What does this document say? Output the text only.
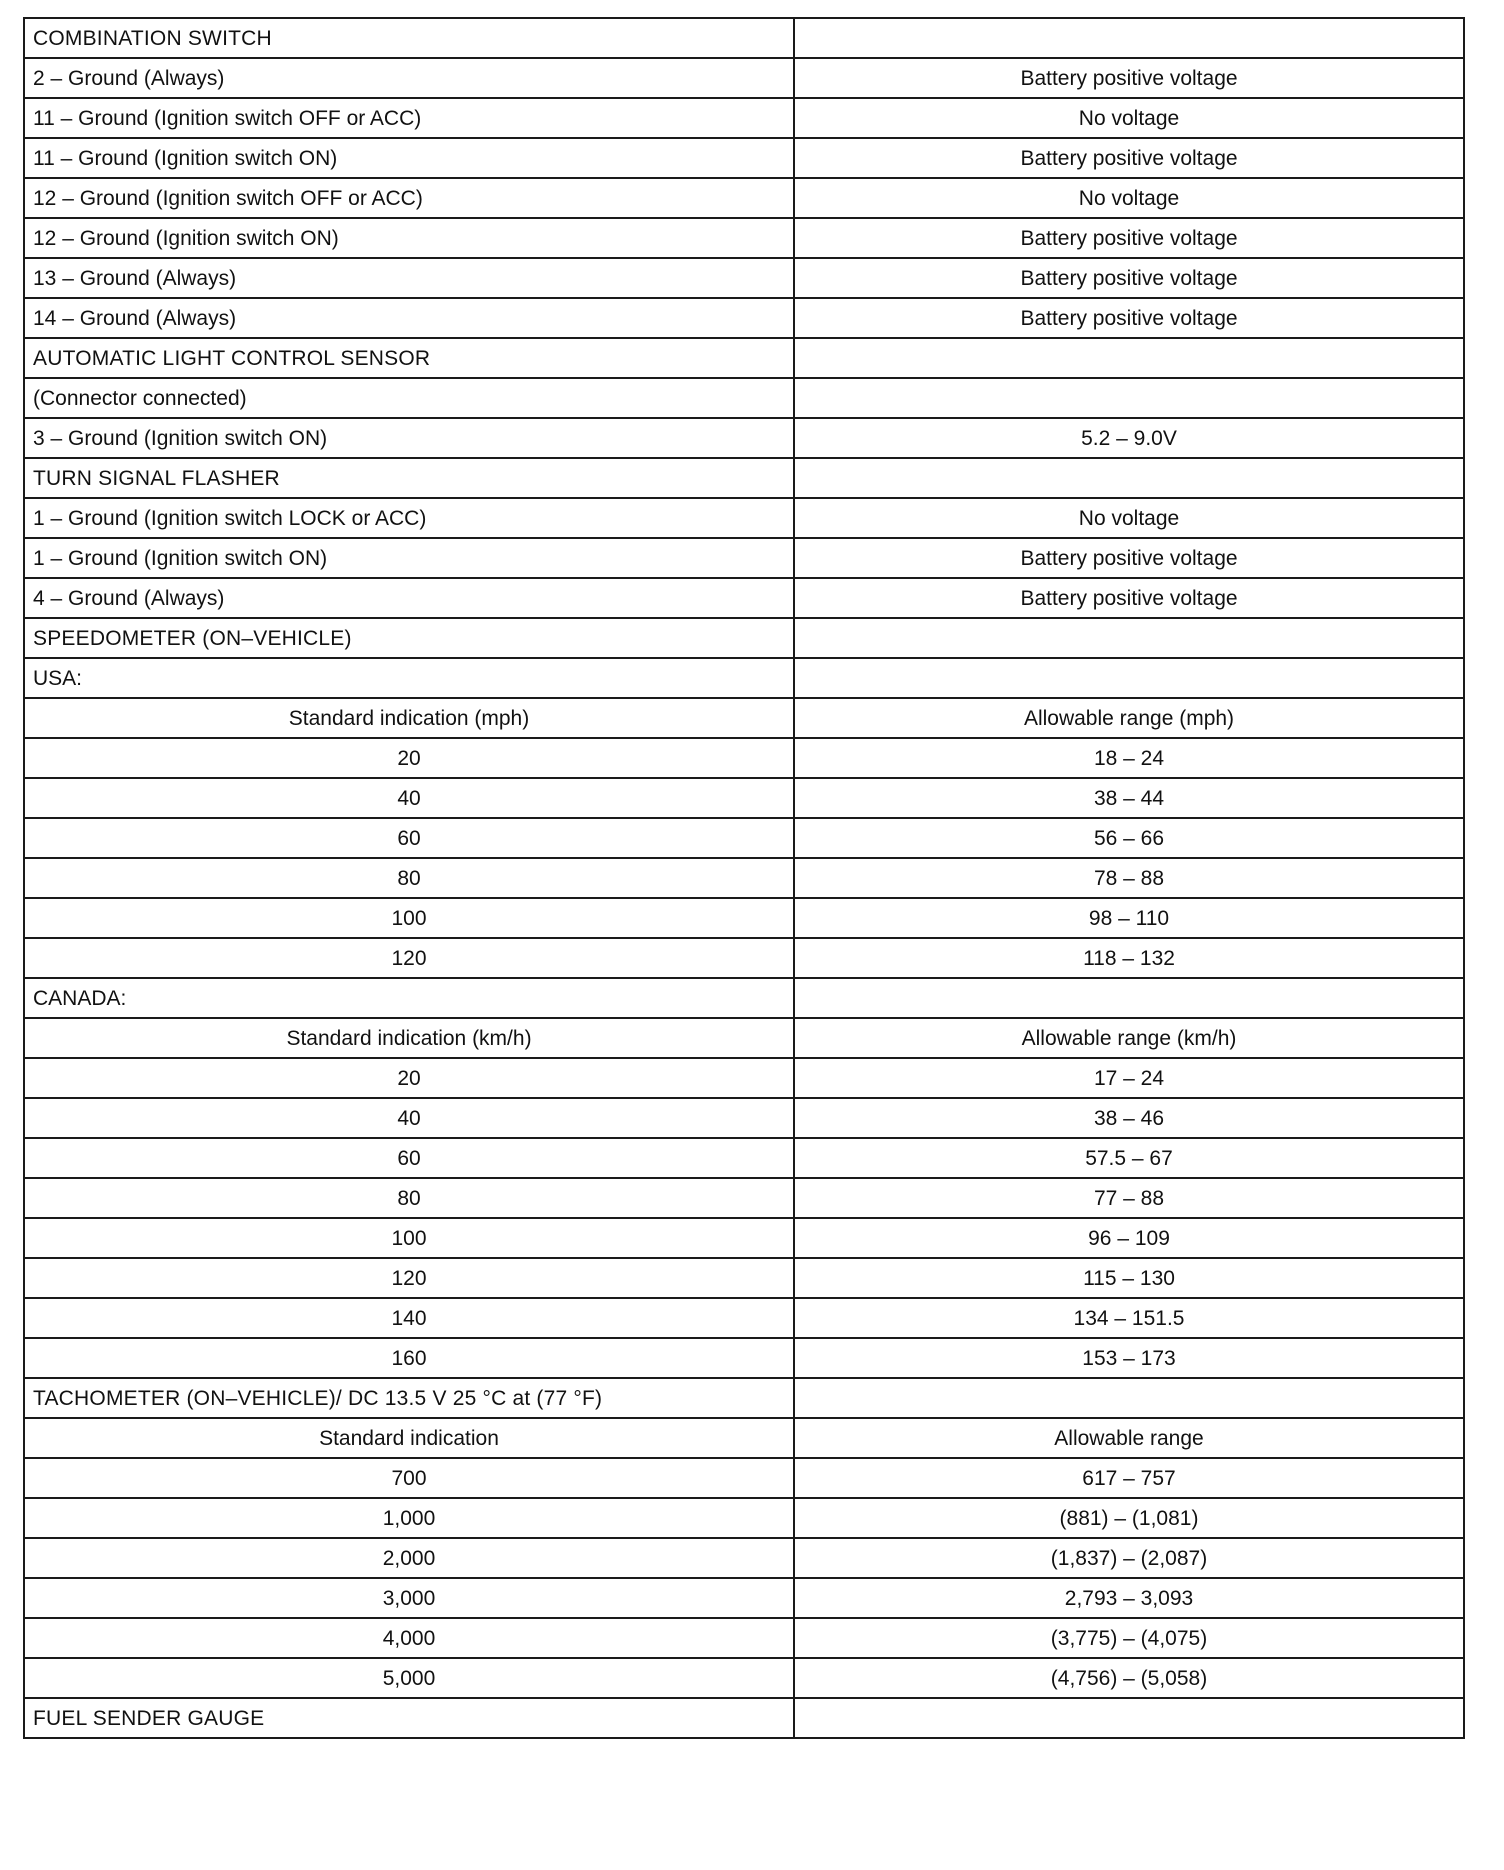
COMBINATION SWITCH	
2 – Ground (Always)	Battery positive voltage
11 – Ground (Ignition switch OFF or ACC)	No voltage
11 – Ground (Ignition switch ON)	Battery positive voltage
12 – Ground (Ignition switch OFF or ACC)	No voltage
12 – Ground (Ignition switch ON)	Battery positive voltage
13 – Ground (Always)	Battery positive voltage
14 – Ground (Always)	Battery positive voltage
AUTOMATIC LIGHT CONTROL SENSOR	
(Connector connected)	
3 – Ground (Ignition switch ON)	5.2 – 9.0V
TURN SIGNAL FLASHER	
1 – Ground (Ignition switch LOCK or ACC)	No voltage
1 – Ground (Ignition switch ON)	Battery positive voltage
4 – Ground (Always)	Battery positive voltage
SPEEDOMETER (ON–VEHICLE)	
USA:	
Standard indication (mph)	Allowable range (mph)
20	18 – 24
40	38 – 44
60	56 – 66
80	78 – 88
100	98 – 110
120	118 – 132
CANADA:	
Standard indication (km/h)	Allowable range (km/h)
20	17 – 24
40	38 – 46
60	57.5 – 67
80	77 – 88
100	96 – 109
120	115 – 130
140	134 – 151.5
160	153 – 173
TACHOMETER (ON–VEHICLE)/ DC 13.5 V 25 °C at (77 °F)	
Standard indication	Allowable range
700	617 – 757
1,000	(881) – (1,081)
2,000	(1,837) – (2,087)
3,000	2,793 – 3,093
4,000	(3,775) – (4,075)
5,000	(4,756) – (5,058)
FUEL SENDER GAUGE	
